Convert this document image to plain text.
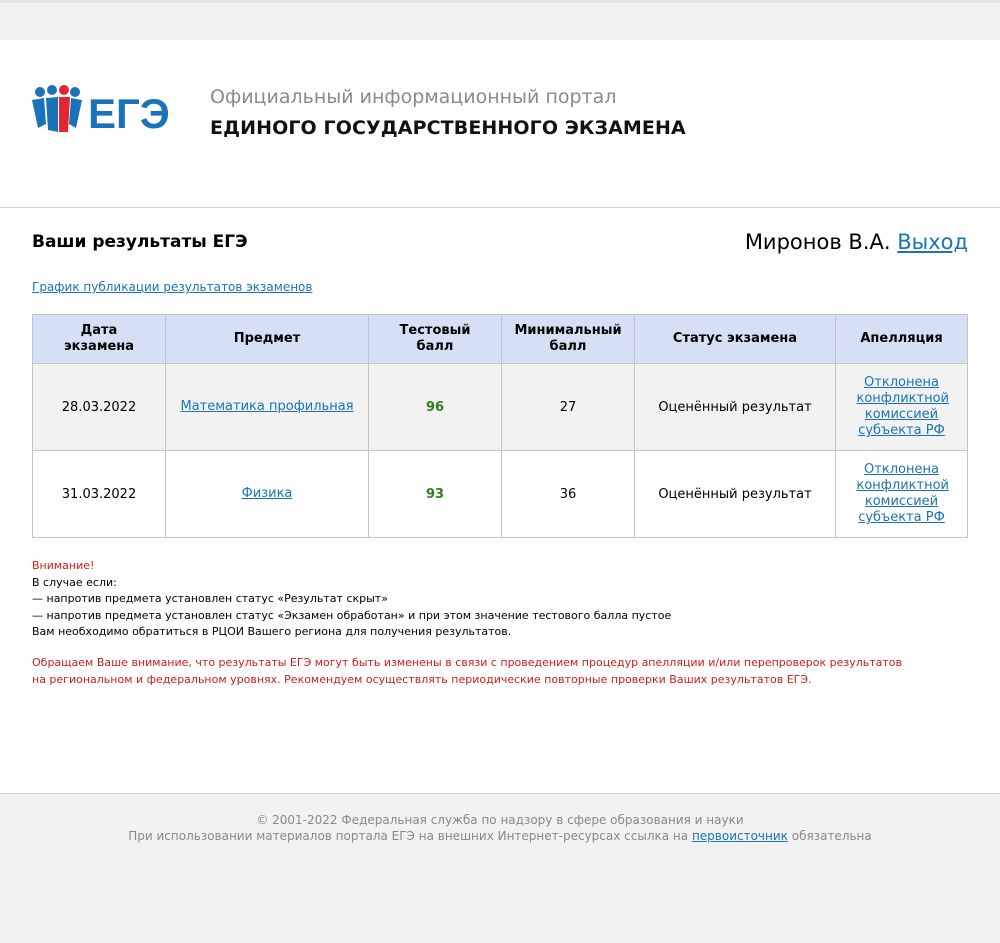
ЕГЭ Официальный информационный портал
ЕДИНОГО ГОСУДАРСТВЕННОГО ЭКЗАМЕНА
Ваши результаты ЕГЭ	Миронов В.А. Выход
График публикации результатов экзаменов
Дата экзамена	Предмет	Тестовый балл	Минимальный балл	Статус экзамена	Апелляция
28.03.2022	Математика профильная	96	27	Оценённый результат	Отклонена конфликтной комиссией субъекта РФ
31.03.2022	Физика	93	36	Оценённый результат	Отклонена конфликтной комиссией субъекта РФ
Внимание!
В случае если:
— напротив предмета установлен статус «Результат скрыт»
— напротив предмета установлен статус «Экзамен обработан» и при этом значение тестового балла пустое
Вам необходимо обратиться в РЦОИ Вашего региона для получения результатов.
Обращаем Ваше внимание, что результаты ЕГЭ могут быть изменены в связи с проведением процедур апелляции и/или перепроверок результатов
на региональном и федеральном уровнях. Рекомендуем осуществлять периодические повторные проверки Ваших результатов ЕГЭ.
© 2001-2022 Федеральная служба по надзору в сфере образования и науки
При использовании материалов портала ЕГЭ на внешних Интернет-ресурсах ссылка на первоисточник обязательна
